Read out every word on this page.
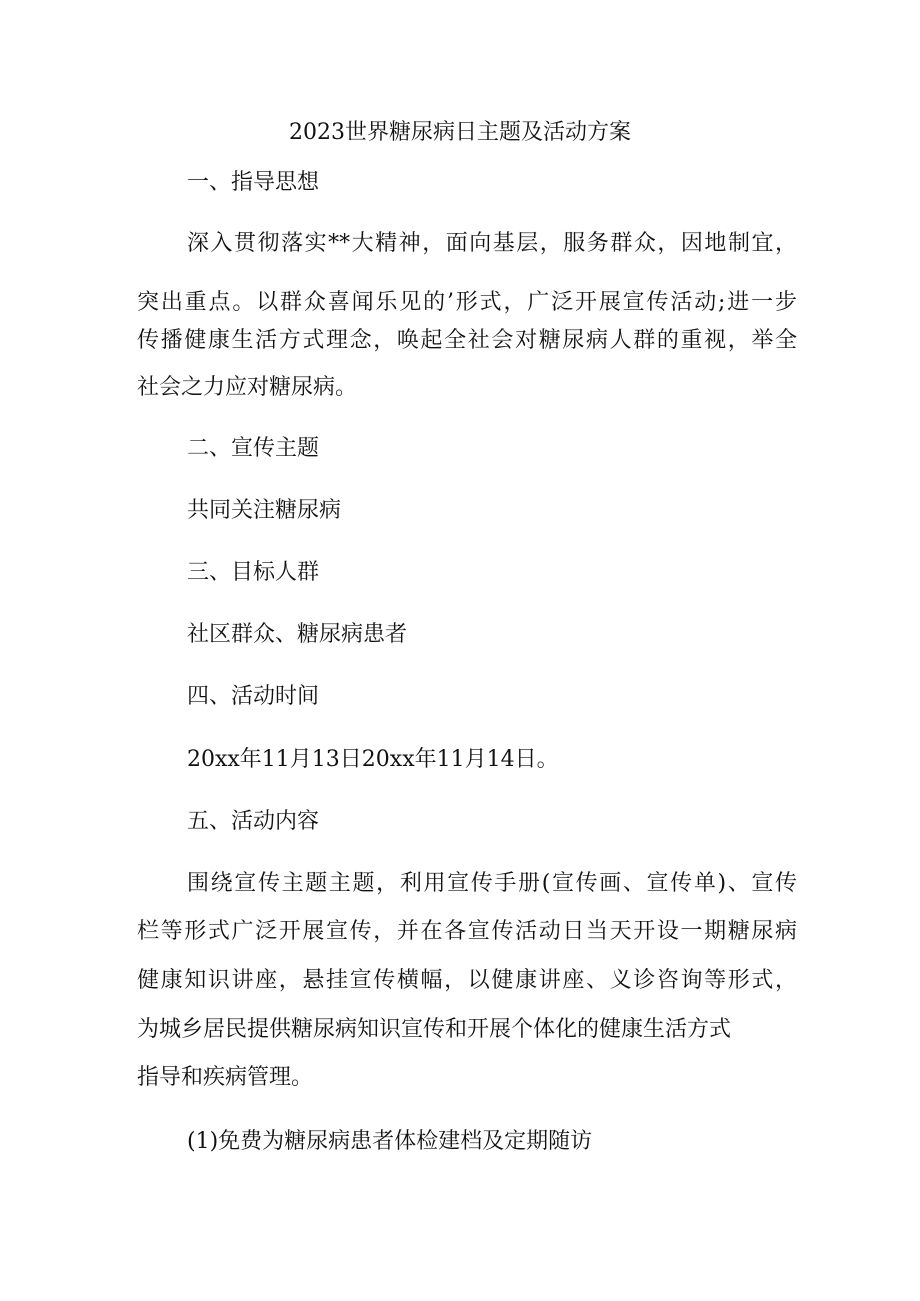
2023世界糖尿病日主题及活动方案

一、指导思想

深入贯彻落实**大精神，面向基层，服务群众，因地制宜，

突出重点。以群众喜闻乐见的’形式，广泛开展宣传活动;进一步

传播健康生活方式理念，唤起全社会对糖尿病人群的重视，举全

社会之力应对糖尿病。

二、宣传主题

共同关注糖尿病

三、目标人群

社区群众、糖尿病患者

四、活动时间

20xx年11月13日20xx年11月14日。

五、活动内容

围绕宣传主题主题，利用宣传手册(宣传画、宣传单)、宣传

栏等形式广泛开展宣传，并在各宣传活动日当天开设一期糖尿病

健康知识讲座，悬挂宣传横幅，以健康讲座、义诊咨询等形式，

为城乡居民提供糖尿病知识宣传和开展个体化的健康生活方式

指导和疾病管理。

(1)免费为糖尿病患者体检建档及定期随访
